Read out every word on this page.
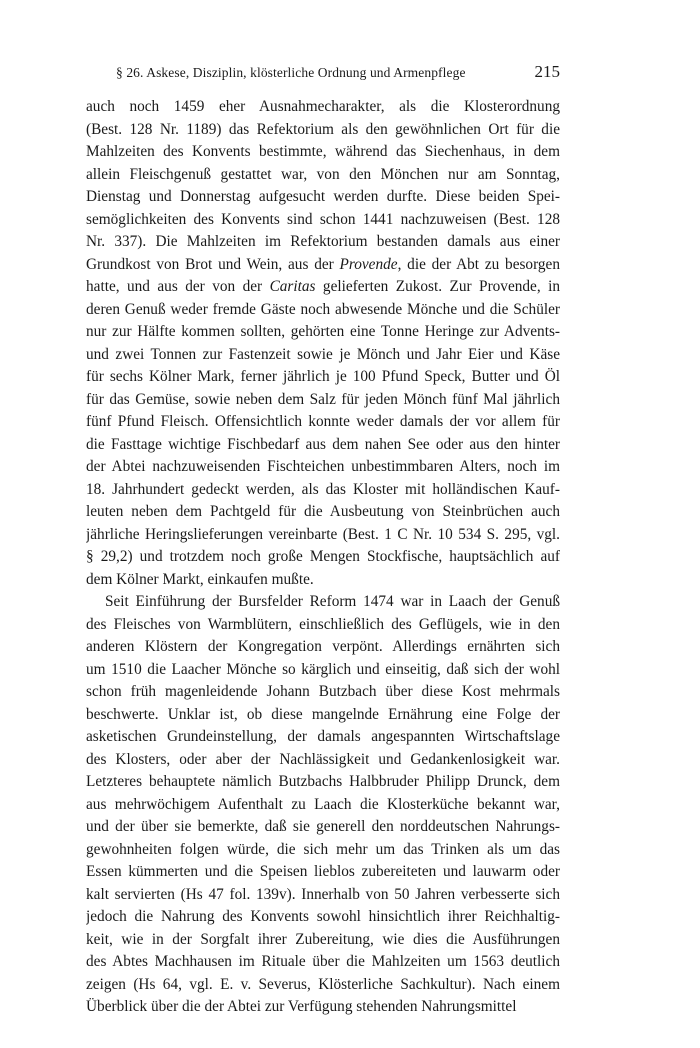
§ 26. Askese, Disziplin, klösterliche Ordnung und Armenpflege	215

auch noch 1459 eher Ausnahmecharakter, als die Klosterordnung

(Best. 128 Nr. 1189) das Refektorium als den gewöhnlichen Ort für die

Mahlzeiten des Konvents bestimmte, während das Siechenhaus, in dem

allein Fleischgenuß gestattet war, von den Mönchen nur am Sonntag,

Dienstag und Donnerstag aufgesucht werden durfte. Diese beiden Spei-

semöglichkeiten des Konvents sind schon 1441 nachzuweisen (Best. 128

Nr. 337). Die Mahlzeiten im Refektorium bestanden damals aus einer

Grundkost von Brot und Wein, aus der Provende, die der Abt zu besorgen

hatte, und aus der von der Caritas gelieferten Zukost. Zur Provende, in

deren Genuß weder fremde Gäste noch abwesende Mönche und die Schüler

nur zur Hälfte kommen sollten, gehörten eine Tonne Heringe zur Advents-

und zwei Tonnen zur Fastenzeit sowie je Mönch und Jahr Eier und Käse

für sechs Kölner Mark, ferner jährlich je 100 Pfund Speck, Butter und Öl

für das Gemüse, sowie neben dem Salz für jeden Mönch fünf Mal jährlich

fünf Pfund Fleisch. Offensichtlich konnte weder damals der vor allem für

die Fasttage wichtige Fischbedarf aus dem nahen See oder aus den hinter

der Abtei nachzuweisenden Fischteichen unbestimmbaren Alters, noch im

18. Jahrhundert gedeckt werden, als das Kloster mit holländischen Kauf-

leuten neben dem Pachtgeld für die Ausbeutung von Steinbrüchen auch

jährliche Heringslieferungen vereinbarte (Best. 1 C Nr. 10 534 S. 295, vgl.

§ 29,2) und trotzdem noch große Mengen Stockfische, hauptsächlich auf

dem Kölner Markt, einkaufen mußte.

Seit Einführung der Bursfelder Reform 1474 war in Laach der Genuß

des Fleisches von Warmblütern, einschließlich des Geflügels, wie in den

anderen Klöstern der Kongregation verpönt. Allerdings ernährten sich

um 1510 die Laacher Mönche so kärglich und einseitig, daß sich der wohl

schon früh magenleidende Johann Butzbach über diese Kost mehrmals

beschwerte. Unklar ist, ob diese mangelnde Ernährung eine Folge der

asketischen Grundeinstellung, der damals angespannten Wirtschaftslage

des Klosters, oder aber der Nachlässigkeit und Gedankenlosigkeit war.

Letzteres behauptete nämlich Butzbachs Halbbruder Philipp Drunck, dem

aus mehrwöchigem Aufenthalt zu Laach die Klosterküche bekannt war,

und der über sie bemerkte, daß sie generell den norddeutschen Nahrungs-

gewohnheiten folgen würde, die sich mehr um das Trinken als um das

Essen kümmerten und die Speisen lieblos zubereiteten und lauwarm oder

kalt servierten (Hs 47 fol. 139v). Innerhalb von 50 Jahren verbesserte sich

jedoch die Nahrung des Konvents sowohl hinsichtlich ihrer Reichhaltig-

keit, wie in der Sorgfalt ihrer Zubereitung, wie dies die Ausführungen

des Abtes Machhausen im Rituale über die Mahlzeiten um 1563 deutlich

zeigen (Hs 64, vgl. E. v. Severus, Klösterliche Sachkultur). Nach einem

Überblick über die der Abtei zur Verfügung stehenden Nahrungsmittel
